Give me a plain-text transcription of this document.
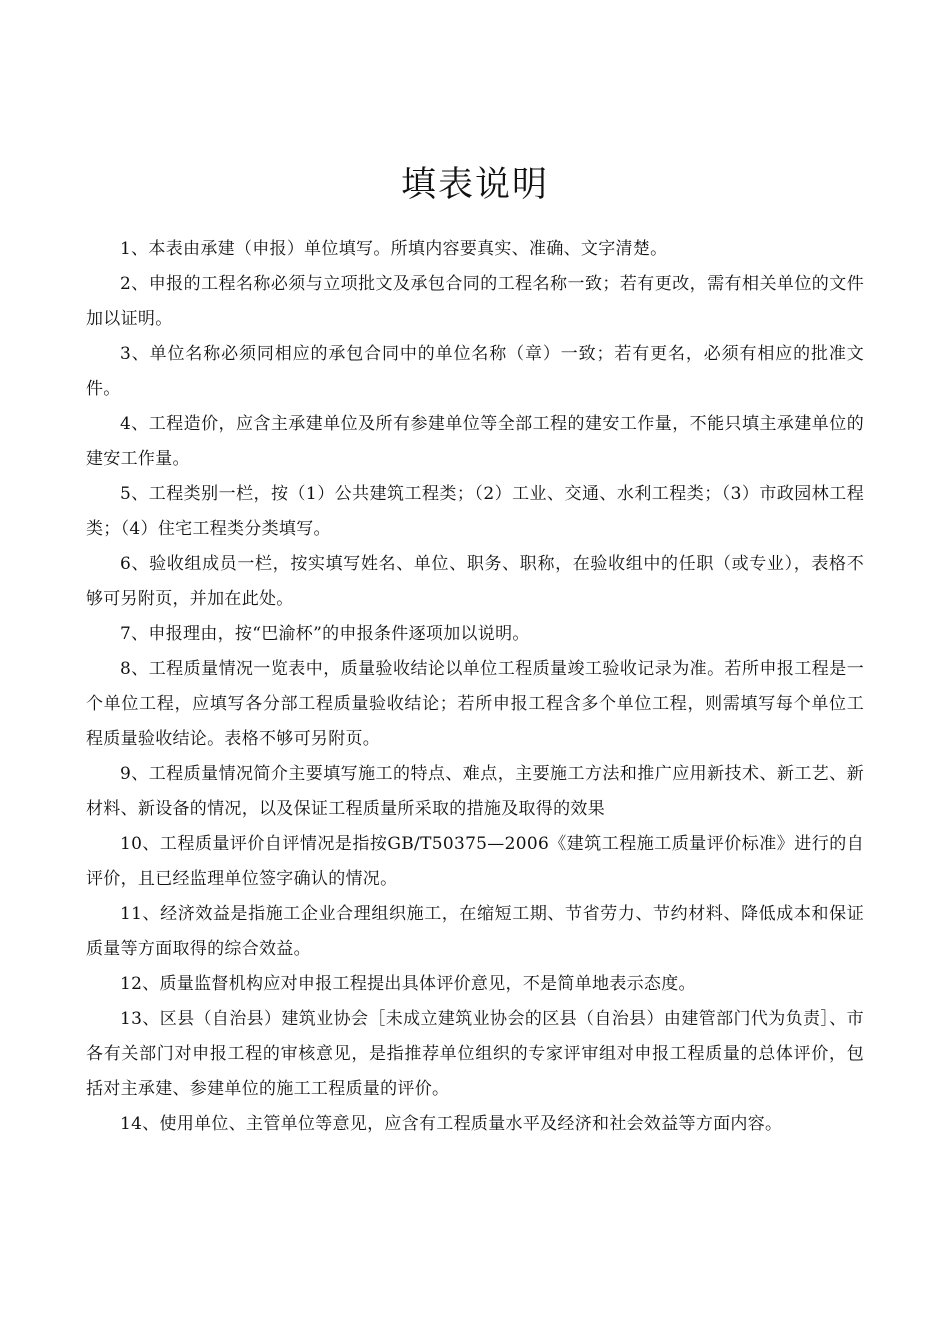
填表说明

1、本表由承建（申报）单位填写。所填内容要真实、准确、文字清楚。

2、申报的工程名称必须与立项批文及承包合同的工程名称一致；若有更改，需有相关单位的文件加以证明。

3、单位名称必须同相应的承包合同中的单位名称（章）一致；若有更名，必须有相应的批准文件。

4、工程造价，应含主承建单位及所有参建单位等全部工程的建安工作量，不能只填主承建单位的建安工作量。

5、工程类别一栏，按（1）公共建筑工程类；（2）工业、交通、水利工程类；（3）市政园林工程类；（4）住宅工程类分类填写。

6、验收组成员一栏，按实填写姓名、单位、职务、职称，在验收组中的任职（或专业），表格不够可另附页，并加在此处。

7、申报理由，按“巴渝杯”的申报条件逐项加以说明。

8、工程质量情况一览表中，质量验收结论以单位工程质量竣工验收记录为准。若所申报工程是一个单位工程，应填写各分部工程质量验收结论；若所申报工程含多个单位工程，则需填写每个单位工程质量验收结论。表格不够可另附页。

9、工程质量情况简介主要填写施工的特点、难点，主要施工方法和推广应用新技术、新工艺、新材料、新设备的情况，以及保证工程质量所采取的措施及取得的效果

10、工程质量评价自评情况是指按GB/T50375—2006《建筑工程施工质量评价标准》进行的自评价，且已经监理单位签字确认的情况。

11、经济效益是指施工企业合理组织施工，在缩短工期、节省劳力、节约材料、降低成本和保证质量等方面取得的综合效益。

12、质量监督机构应对申报工程提出具体评价意见，不是简单地表示态度。

13、区县（自治县）建筑业协会［未成立建筑业协会的区县（自治县）由建管部门代为负责］、市各有关部门对申报工程的审核意见，是指推荐单位组织的专家评审组对申报工程质量的总体评价，包括对主承建、参建单位的施工工程质量的评价。

14、使用单位、主管单位等意见，应含有工程质量水平及经济和社会效益等方面内容。
